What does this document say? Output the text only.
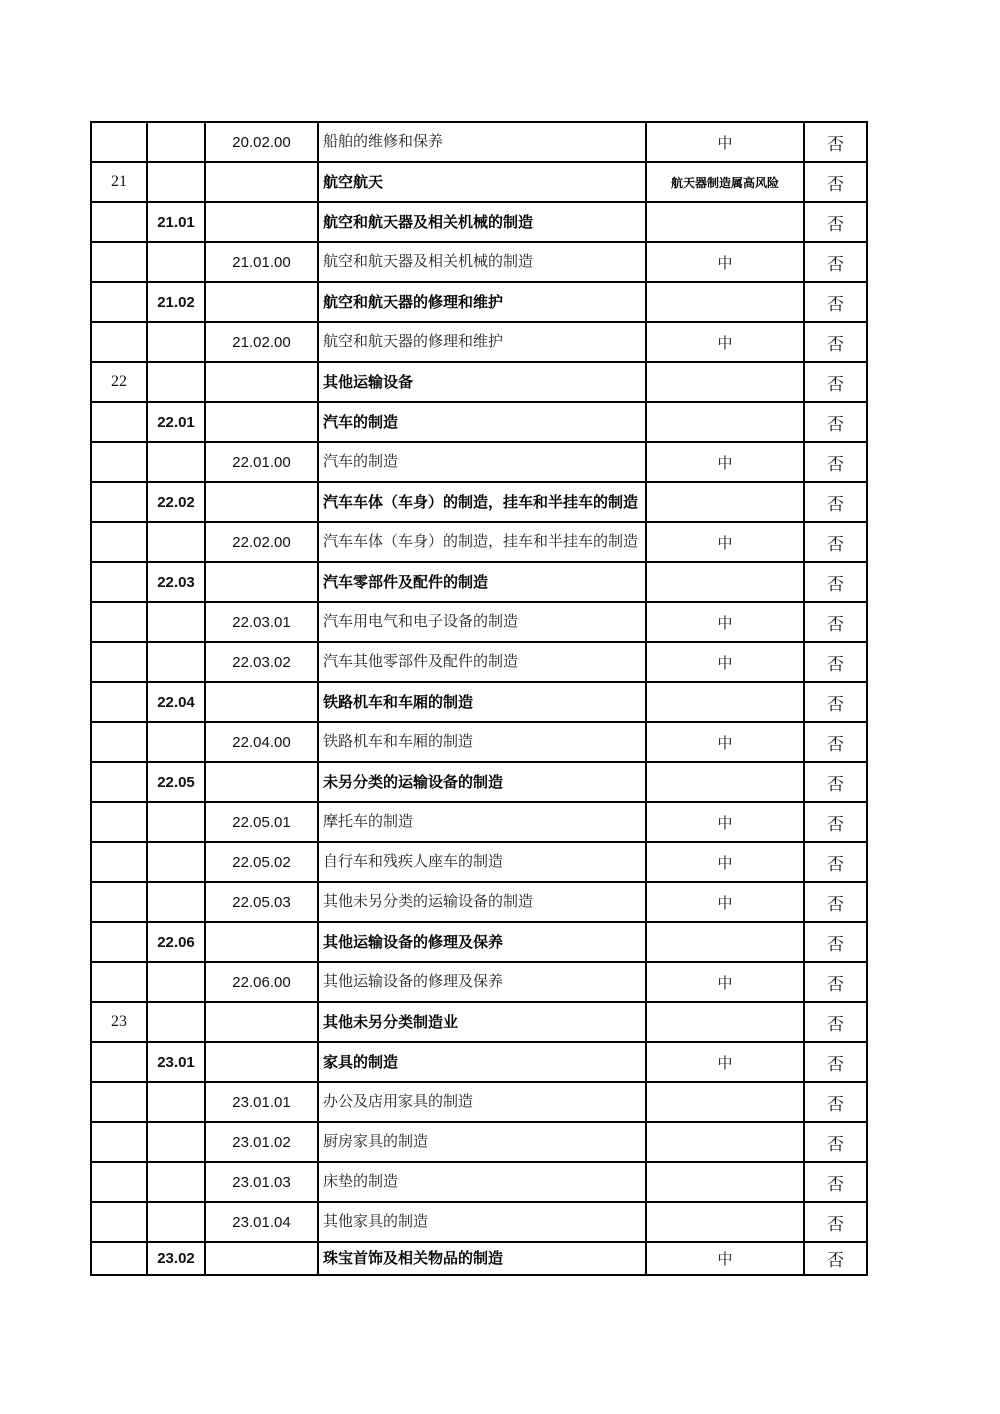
		20.02.00	船舶的维修和保养	中	否
21			航空航天	航天器制造属高风险	否
	21.01		航空和航天器及相关机械的制造		否
		21.01.00	航空和航天器及相关机械的制造	中	否
	21.02		航空和航天器的修理和维护		否
		21.02.00	航空和航天器的修理和维护	中	否
22			其他运输设备		否
	22.01		汽车的制造		否
		22.01.00	汽车的制造	中	否
	22.02		汽车车体（车身）的制造，挂车和半挂车的制造		否
		22.02.00	汽车车体（车身）的制造，挂车和半挂车的制造	中	否
	22.03		汽车零部件及配件的制造		否
		22.03.01	汽车用电气和电子设备的制造	中	否
		22.03.02	汽车其他零部件及配件的制造	中	否
	22.04		铁路机车和车厢的制造		否
		22.04.00	铁路机车和车厢的制造	中	否
	22.05		未另分类的运输设备的制造		否
		22.05.01	摩托车的制造	中	否
		22.05.02	自行车和残疾人座车的制造	中	否
		22.05.03	其他未另分类的运输设备的制造	中	否
	22.06		其他运输设备的修理及保养		否
		22.06.00	其他运输设备的修理及保养	中	否
23			其他未另分类制造业		否
	23.01		家具的制造	中	否
		23.01.01	办公及店用家具的制造		否
		23.01.02	厨房家具的制造		否
		23.01.03	床垫的制造		否
		23.01.04	其他家具的制造		否
	23.02		珠宝首饰及相关物品的制造	中	否
